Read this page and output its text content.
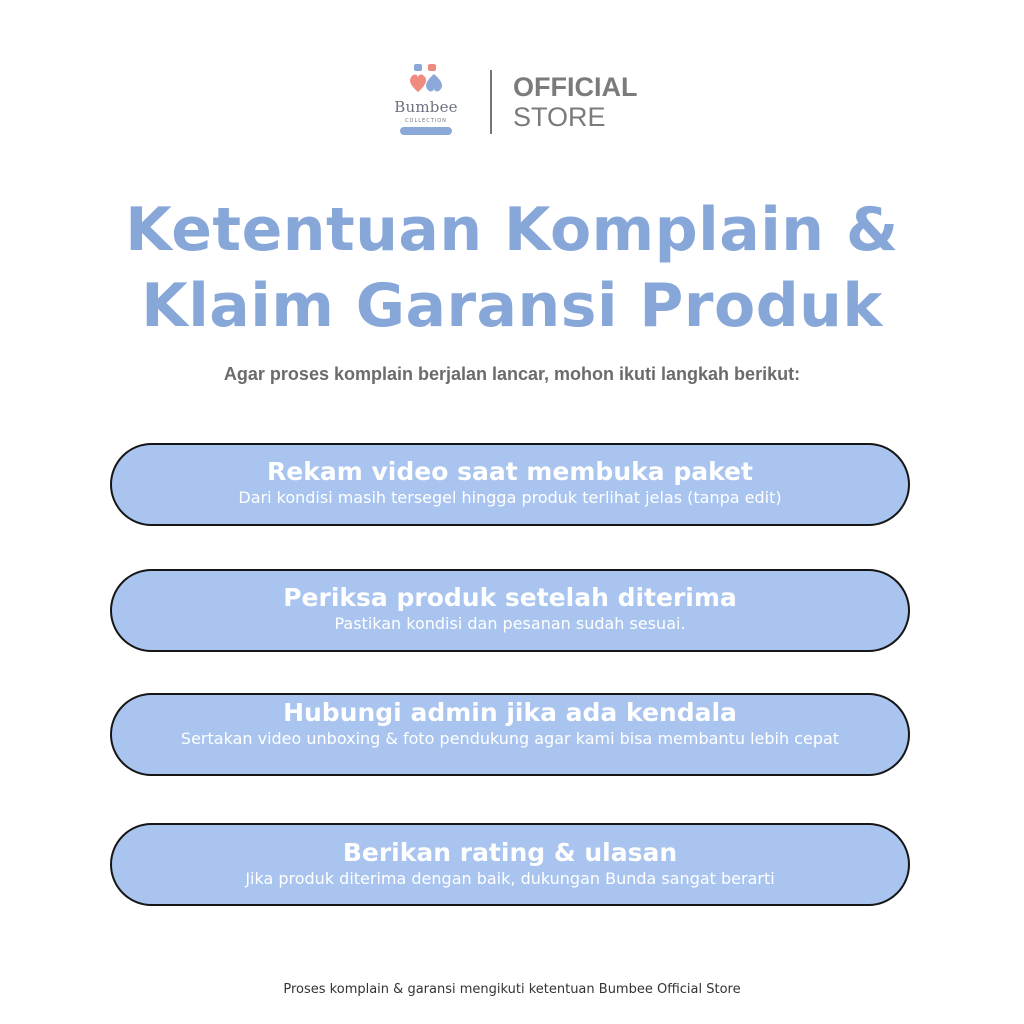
Bumbee
COLLECTION
OFFICIAL
STORE
Ketentuan Komplain &
Klaim Garansi Produk
Agar proses komplain berjalan lancar, mohon ikuti langkah berikut:
Rekam video saat membuka paket
Dari kondisi masih tersegel hingga produk terlihat jelas (tanpa edit)
Periksa produk setelah diterima
Pastikan kondisi dan pesanan sudah sesuai.
Hubungi admin jika ada kendala
Sertakan video unboxing & foto pendukung agar kami bisa membantu lebih cepat
Berikan rating & ulasan
Jika produk diterima dengan baik, dukungan Bunda sangat berarti
Proses komplain & garansi mengikuti ketentuan Bumbee Official Store
